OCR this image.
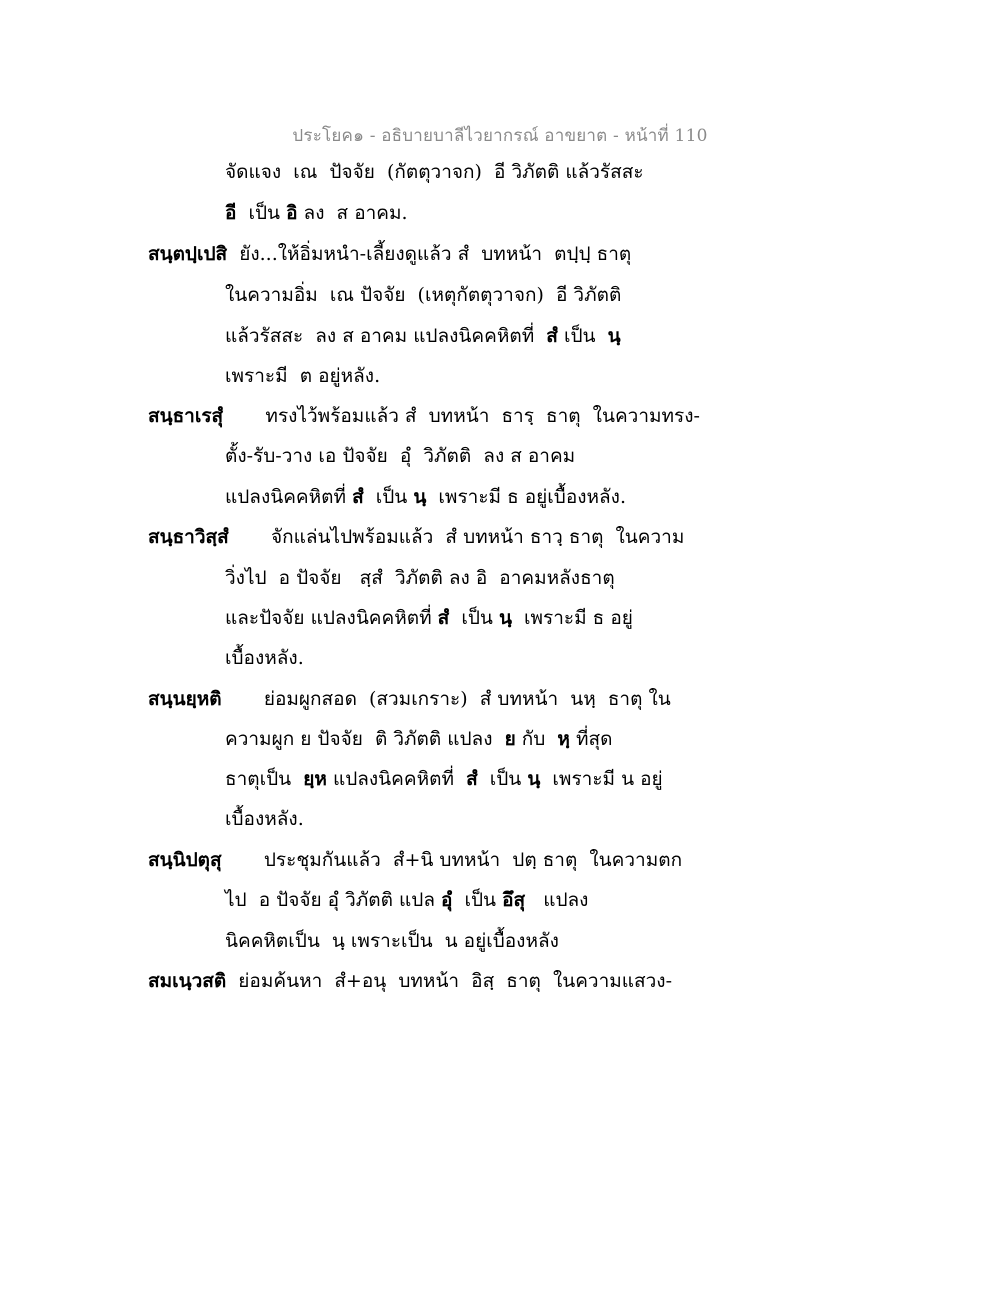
ประโยค๑ - อธิบายบาลีไวยากรณ์ อาขยาต - หน้าที่ 110
จัดแจง  เณ  ปัจจัย  (กัตตุวาจก)  อี วิภัตติ แล้วรัสสะ
อี  เป็น อิ ลง  ส อาคม.
สนฺตปฺเปสิ  ยัง...ให้อิ่มหนำ-เลี้ยงดูแล้ว สํ  บทหน้า  ตปฺปฺ ธาตุ
ในความอิ่ม  เณ ปัจจัย  (เหตุกัตตุวาจก)  อี วิภัตติ
แล้วรัสสะ  ลง ส อาคม แปลงนิคคหิตที่  สํ เป็น  นฺ
เพราะมี  ต อยู่หลัง.
สนฺธาเรสุํ       ทรงไว้พร้อมแล้ว สํ  บทหน้า  ธารฺ  ธาตุ  ในความทรง-
ตั้ง-รับ-วาง เอ ปัจจัย  อุํ  วิภัตติ  ลง ส อาคม
แปลงนิคคหิตที่ สํ  เป็น นฺ  เพราะมี ธ อยู่เบื้องหลัง.
สนฺธาวิสฺสํ       จักแล่นไปพร้อมแล้ว  สํ บทหน้า ธาวฺ ธาตุ  ในความ
วิ่งไป  อ ปัจจัย   สฺสํ  วิภัตติ ลง อิ  อาคมหลังธาตุ
และปัจจัย แปลงนิคคหิตที่ สํ  เป็น นฺ  เพราะมี ธ อยู่
เบื้องหลัง.
สนฺนยฺหติ       ย่อมผูกสอด  (สวมเกราะ)  สํ บทหน้า  นหฺ  ธาตุ ใน
ความผูก ย ปัจจัย  ติ วิภัตติ แปลง  ย กับ  หฺ ที่สุด
ธาตุเป็น  ยฺห แปลงนิคคหิตที่  สํ  เป็น นฺ  เพราะมี น อยู่
เบื้องหลัง.
สนฺนิปตุสุ       ประชุมกันแล้ว  สํ+นิ บทหน้า  ปตฺ ธาตุ  ในความตก
ไป  อ ปัจจัย อุํ วิภัตติ แปล อุํ  เป็น อึสุ   แปลง
นิคคหิตเป็น  นฺ เพราะเป็น  น อยู่เบื้องหลัง
สมเนฺวสติ  ย่อมค้นหา  สํ+อนุ  บทหน้า  อิสฺ  ธาตุ  ในความแสวง-
